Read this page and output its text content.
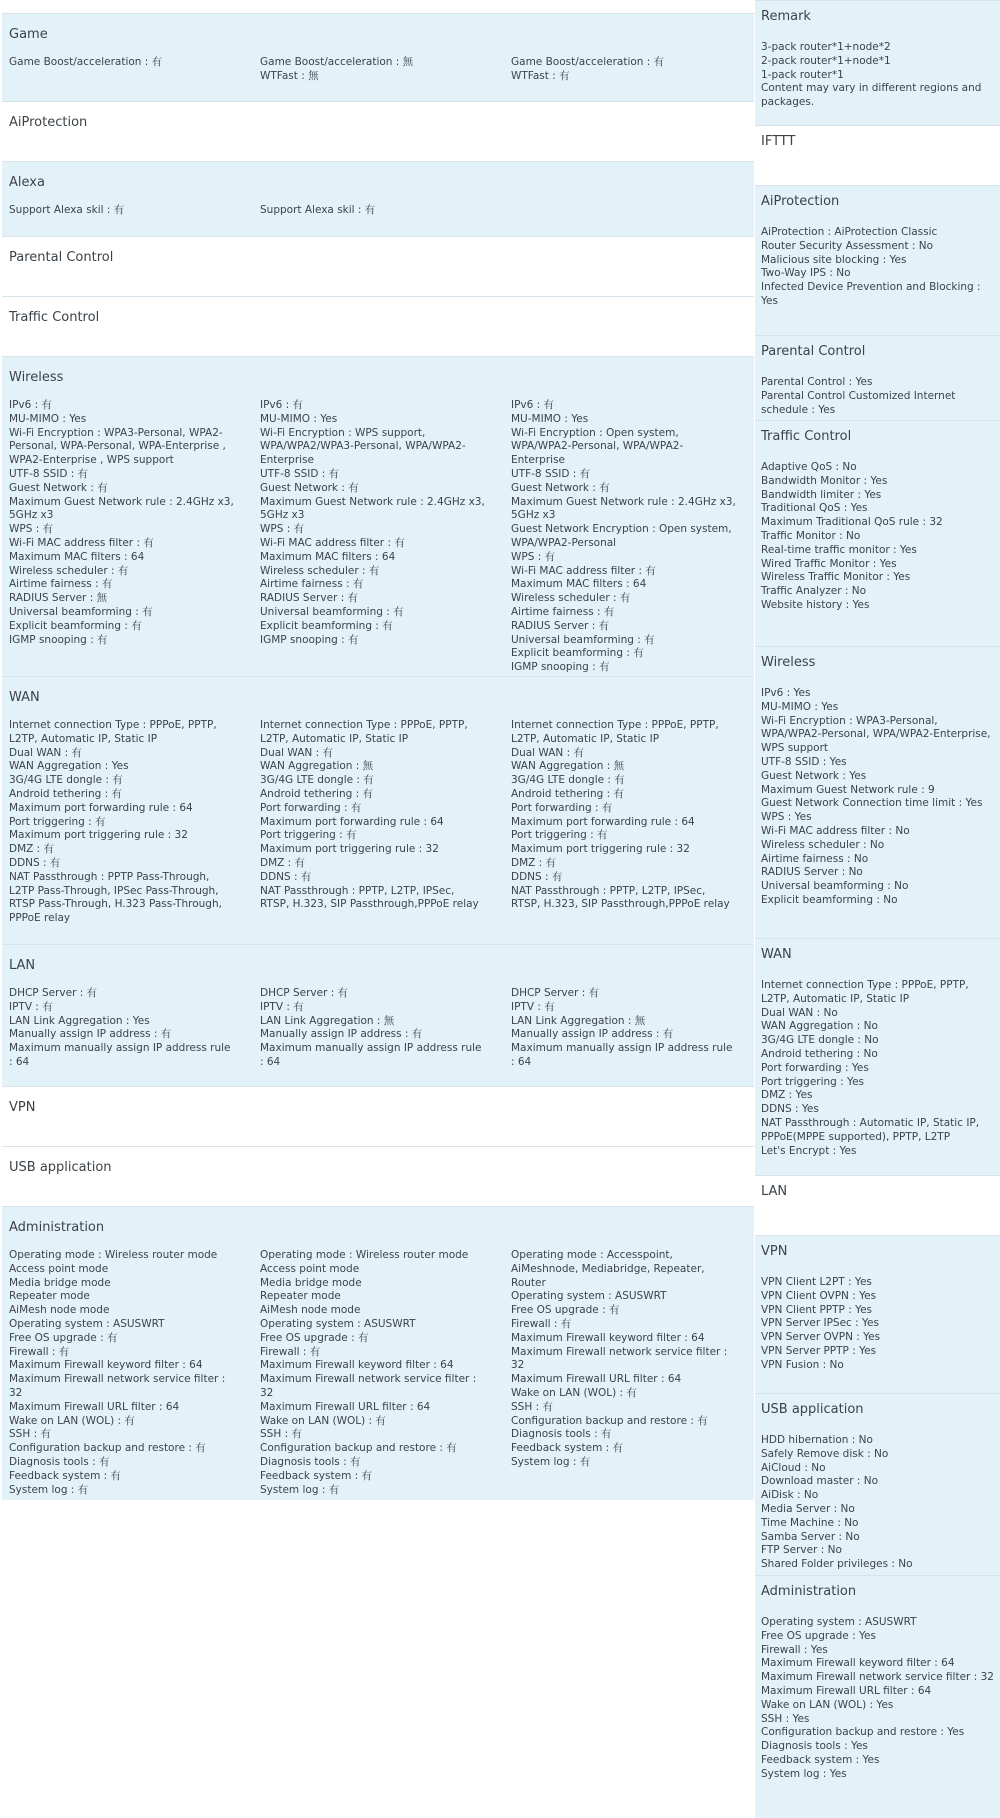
Game
Game Boost/acceleration : 有	Game Boost/acceleration : 無
WTFast : 無
Game Boost/acceleration : 有
WTFast : 有
AiProtection
Alexa
Support Alexa skil : 有	Support Alexa skil : 有
Parental Control
Traffic Control
Wireless
IPv6 : 有
MU-MIMO : Yes
Wi-Fi Encryption : WPA3-Personal, WPA2-Personal, WPA-Personal, WPA-Enterprise , WPA2-Enterprise , WPS support
UTF-8 SSID : 有
Guest Network : 有
Maximum Guest Network rule : 2.4GHz x3, 5GHz x3
WPS : 有
Wi-Fi MAC address filter : 有
Maximum MAC filters : 64
Wireless scheduler : 有
Airtime fairness : 有
RADIUS Server : 無
Universal beamforming : 有
Explicit beamforming : 有
IGMP snooping : 有
IPv6 : 有
MU-MIMO : Yes
Wi-Fi Encryption : WPS support, WPA/WPA2/WPA3-Personal, WPA/WPA2-Enterprise
UTF-8 SSID : 有
Guest Network : 有
Maximum Guest Network rule : 2.4GHz x3, 5GHz x3
WPS : 有
Wi-Fi MAC address filter : 有
Maximum MAC filters : 64
Wireless scheduler : 有
Airtime fairness : 有
RADIUS Server : 有
Universal beamforming : 有
Explicit beamforming : 有
IGMP snooping : 有
IPv6 : 有
MU-MIMO : Yes
Wi-Fi Encryption : Open system, WPA/WPA2-Personal, WPA/WPA2-Enterprise
UTF-8 SSID : 有
Guest Network : 有
Maximum Guest Network rule : 2.4GHz x3, 5GHz x3
Guest Network Encryption : Open system, WPA/WPA2-Personal
WPS : 有
Wi-Fi MAC address filter : 有
Maximum MAC filters : 64
Wireless scheduler : 有
Airtime fairness : 有
RADIUS Server : 有
Universal beamforming : 有
Explicit beamforming : 有
IGMP snooping : 有
WAN
Internet connection Type : PPPoE, PPTP, L2TP, Automatic IP, Static IP
Dual WAN : 有
WAN Aggregation : Yes
3G/4G LTE dongle : 有
Android tethering : 有
Maximum port forwarding rule : 64
Port triggering : 有
Maximum port triggering rule : 32
DMZ : 有
DDNS : 有
NAT Passthrough : PPTP Pass-Through, L2TP Pass-Through, IPSec Pass-Through, RTSP Pass-Through, H.323 Pass-Through, PPPoE relay
Internet connection Type : PPPoE, PPTP, L2TP, Automatic IP, Static IP
Dual WAN : 有
WAN Aggregation : 無
3G/4G LTE dongle : 有
Android tethering : 有
Port forwarding : 有
Maximum port forwarding rule : 64
Port triggering : 有
Maximum port triggering rule : 32
DMZ : 有
DDNS : 有
NAT Passthrough : PPTP, L2TP, IPSec, RTSP, H.323, SIP Passthrough,PPPoE relay
Internet connection Type : PPPoE, PPTP, L2TP, Automatic IP, Static IP
Dual WAN : 有
WAN Aggregation : 無
3G/4G LTE dongle : 有
Android tethering : 有
Port forwarding : 有
Maximum port forwarding rule : 64
Port triggering : 有
Maximum port triggering rule : 32
DMZ : 有
DDNS : 有
NAT Passthrough : PPTP, L2TP, IPSec, RTSP, H.323, SIP Passthrough,PPPoE relay
LAN
DHCP Server : 有
IPTV : 有
LAN Link Aggregation : Yes
Manually assign IP address : 有
Maximum manually assign IP address rule : 64
DHCP Server : 有
IPTV : 有
LAN Link Aggregation : 無
Manually assign IP address : 有
Maximum manually assign IP address rule : 64
DHCP Server : 有
IPTV : 有
LAN Link Aggregation : 無
Manually assign IP address : 有
Maximum manually assign IP address rule : 64
VPN
USB application
Administration
Operating mode : Wireless router mode
Access point mode
Media bridge mode
Repeater mode
AiMesh node mode
Operating system : ASUSWRT
Free OS upgrade : 有
Firewall : 有
Maximum Firewall keyword filter : 64
Maximum Firewall network service filter : 32
Maximum Firewall URL filter : 64
Wake on LAN (WOL) : 有
SSH : 有
Configuration backup and restore : 有
Diagnosis tools : 有
Feedback system : 有
System log : 有
Operating mode : Wireless router mode
Access point mode
Media bridge mode
Repeater mode
AiMesh node mode
Operating system : ASUSWRT
Free OS upgrade : 有
Firewall : 有
Maximum Firewall keyword filter : 64
Maximum Firewall network service filter : 32
Maximum Firewall URL filter : 64
Wake on LAN (WOL) : 有
SSH : 有
Configuration backup and restore : 有
Diagnosis tools : 有
Feedback system : 有
System log : 有
Operating mode : Accesspoint, AiMeshnode, Mediabridge, Repeater, Router
Operating system : ASUSWRT
Free OS upgrade : 有
Firewall : 有
Maximum Firewall keyword filter : 64
Maximum Firewall network service filter : 32
Maximum Firewall URL filter : 64
Wake on LAN (WOL) : 有
SSH : 有
Configuration backup and restore : 有
Diagnosis tools : 有
Feedback system : 有
System log : 有
Remark
3-pack router*1+node*2
2-pack router*1+node*1
1-pack router*1
Content may vary in different regions and packages.
IFTTT
AiProtection
AiProtection : AiProtection Classic
Router Security Assessment : No
Malicious site blocking : Yes
Two-Way IPS : No
Infected Device Prevention and Blocking : Yes
Parental Control
Parental Control : Yes
Parental Control Customized Internet schedule : Yes
Traffic Control
Adaptive QoS : No
Bandwidth Monitor : Yes
Bandwidth limiter : Yes
Traditional QoS : Yes
Maximum Traditional QoS rule : 32
Traffic Monitor : No
Real-time traffic monitor : Yes
Wired Traffic Monitor : Yes
Wireless Traffic Monitor : Yes
Traffic Analyzer : No
Website history : Yes
Wireless
IPv6 : Yes
MU-MIMO : Yes
Wi-Fi Encryption : WPA3-Personal, WPA/WPA2-Personal, WPA/WPA2-Enterprise, WPS support
UTF-8 SSID : Yes
Guest Network : Yes
Maximum Guest Network rule : 9
Guest Network Connection time limit : Yes
WPS : Yes
Wi-Fi MAC address filter : No
Wireless scheduler : No
Airtime fairness : No
RADIUS Server : No
Universal beamforming : No
Explicit beamforming : No
WAN
Internet connection Type : PPPoE, PPTP, L2TP, Automatic IP, Static IP
Dual WAN : No
WAN Aggregation : No
3G/4G LTE dongle : No
Android tethering : No
Port forwarding : Yes
Port triggering : Yes
DMZ : Yes
DDNS : Yes
NAT Passthrough : Automatic IP, Static IP, PPPoE(MPPE supported), PPTP, L2TP
Let's Encrypt : Yes
LAN
VPN
VPN Client L2PT : Yes
VPN Client OVPN : Yes
VPN Client PPTP : Yes
VPN Server IPSec : Yes
VPN Server OVPN : Yes
VPN Server PPTP : Yes
VPN Fusion : No
USB application
HDD hibernation : No
Safely Remove disk : No
AiCloud : No
Download master : No
AiDisk : No
Media Server : No
Time Machine : No
Samba Server : No
FTP Server : No
Shared Folder privileges : No
Administration
Operating system : ASUSWRT
Free OS upgrade : Yes
Firewall : Yes
Maximum Firewall keyword filter : 64
Maximum Firewall network service filter : 32
Maximum Firewall URL filter : 64
Wake on LAN (WOL) : Yes
SSH : Yes
Configuration backup and restore : Yes
Diagnosis tools : Yes
Feedback system : Yes
System log : Yes
